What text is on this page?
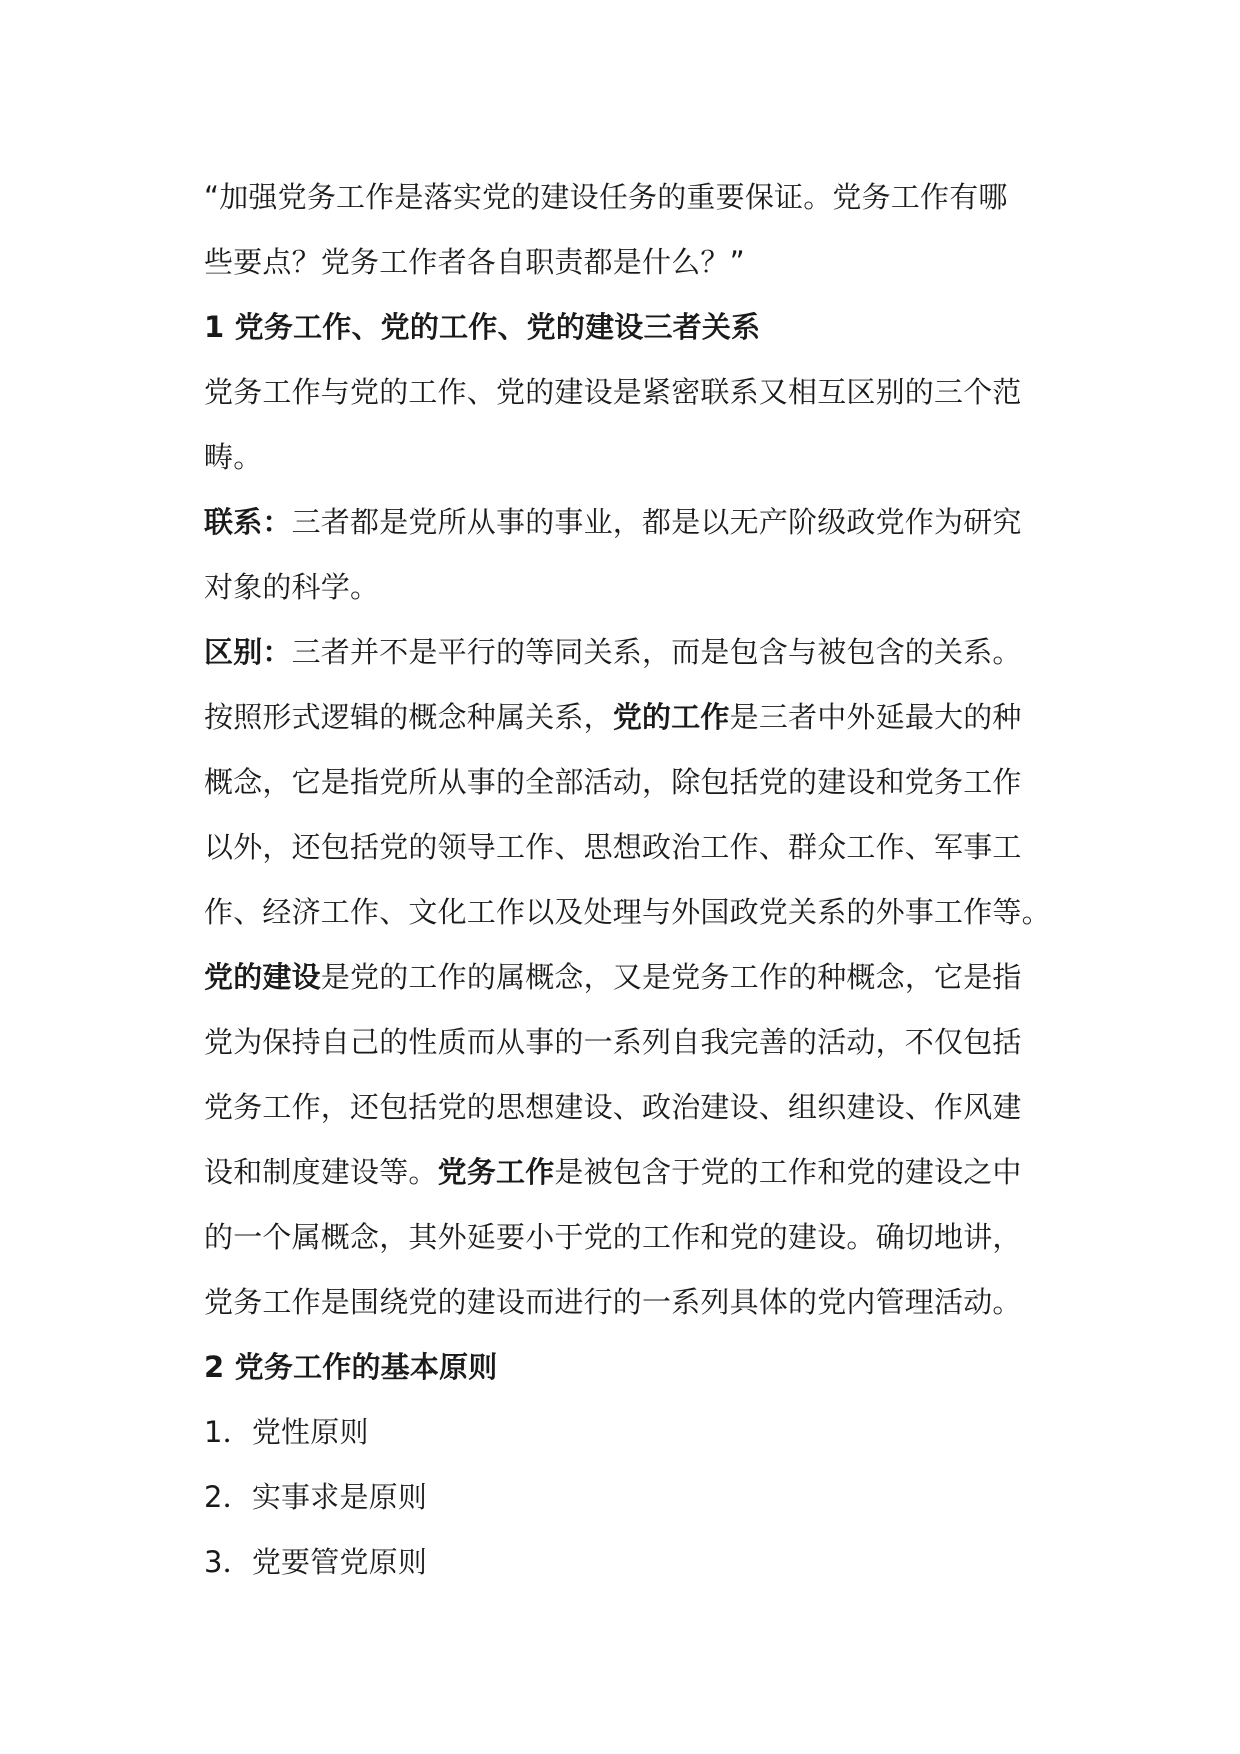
“加强党务工作是落实党的建设任务的重要保证。党务工作有哪
些要点？党务工作者各自职责都是什么？”
1 党务工作、党的工作、党的建设三者关系
党务工作与党的工作、党的建设是紧密联系又相互区别的三个范
畴。
联系：三者都是党所从事的事业，都是以无产阶级政党作为研究
对象的科学。
区别：三者并不是平行的等同关系，而是包含与被包含的关系。
按照形式逻辑的概念种属关系，党的工作是三者中外延最大的种
概念，它是指党所从事的全部活动，除包括党的建设和党务工作
以外，还包括党的领导工作、思想政治工作、群众工作、军事工
作、经济工作、文化工作以及处理与外国政党关系的外事工作等。
党的建设是党的工作的属概念，又是党务工作的种概念，它是指
党为保持自己的性质而从事的一系列自我完善的活动，不仅包括
党务工作，还包括党的思想建设、政治建设、组织建设、作风建
设和制度建设等。党务工作是被包含于党的工作和党的建设之中
的一个属概念，其外延要小于党的工作和党的建设。确切地讲，
党务工作是围绕党的建设而进行的一系列具体的党内管理活动。
2 党务工作的基本原则
1．党性原则
2．实事求是原则
3．党要管党原则
